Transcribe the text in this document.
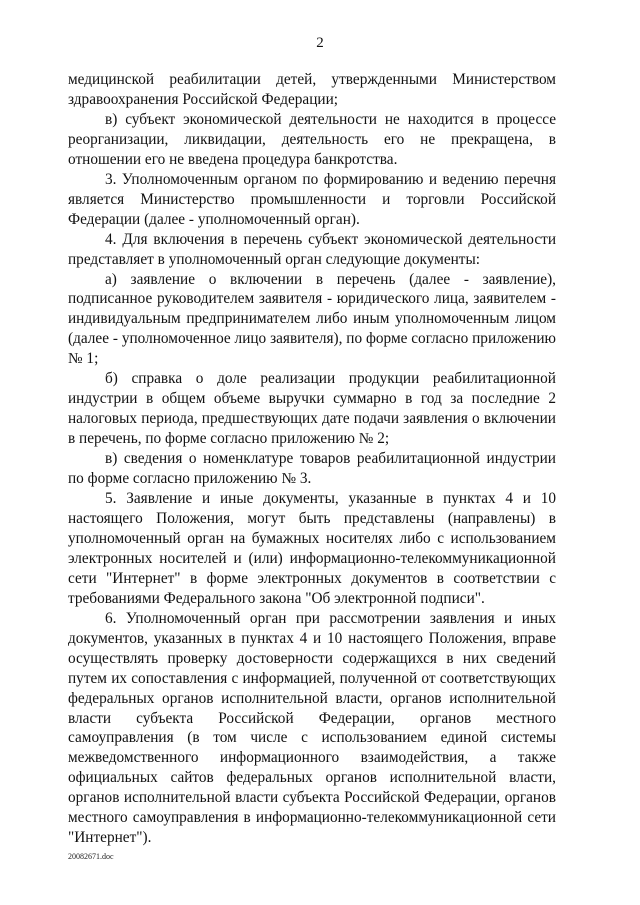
2

медицинской реабилитации детей, утвержденными Министерством здравоохранения Российской Федерации;

в) субъект экономической деятельности не находится в процессе реорганизации, ликвидации, деятельность его не прекращена, в отношении его не введена процедура банкротства.

3. Уполномоченным органом по формированию и ведению перечня является Министерство промышленности и торговли Российской Федерации (далее - уполномоченный орган).

4. Для включения в перечень субъект экономической деятельности представляет в уполномоченный орган следующие документы:

а) заявление о включении в перечень (далее - заявление), подписанное руководителем заявителя - юридического лица, заявителем - индивидуальным предпринимателем либо иным уполномоченным лицом (далее - уполномоченное лицо заявителя), по форме согласно приложению № 1;

б) справка о доле реализации продукции реабилитационной индустрии в общем объеме выручки суммарно в год за последние 2 налоговых периода, предшествующих дате подачи заявления о включении в перечень, по форме согласно приложению № 2;

в) сведения о номенклатуре товаров реабилитационной индустрии по форме согласно приложению № 3.

5. Заявление и иные документы, указанные в пунктах 4 и 10 настоящего Положения, могут быть представлены (направлены) в уполномоченный орган на бумажных носителях либо с использованием электронных носителей и (или) информационно-телекоммуникационной сети "Интернет" в форме электронных документов в соответствии с требованиями Федерального закона "Об электронной подписи".

6. Уполномоченный орган при рассмотрении заявления и иных документов, указанных в пунктах 4 и 10 настоящего Положения, вправе осуществлять проверку достоверности содержащихся в них сведений путем их сопоставления с информацией, полученной от соответствующих федеральных органов исполнительной власти, органов исполнительной власти субъекта Российской Федерации, органов местного самоуправления (в том числе с использованием единой системы межведомственного информационного взаимодействия, а также официальных сайтов федеральных органов исполнительной власти, органов исполнительной власти субъекта Российской Федерации, органов местного самоуправления в информационно-телекоммуникационной сети "Интернет").

20082671.doc
